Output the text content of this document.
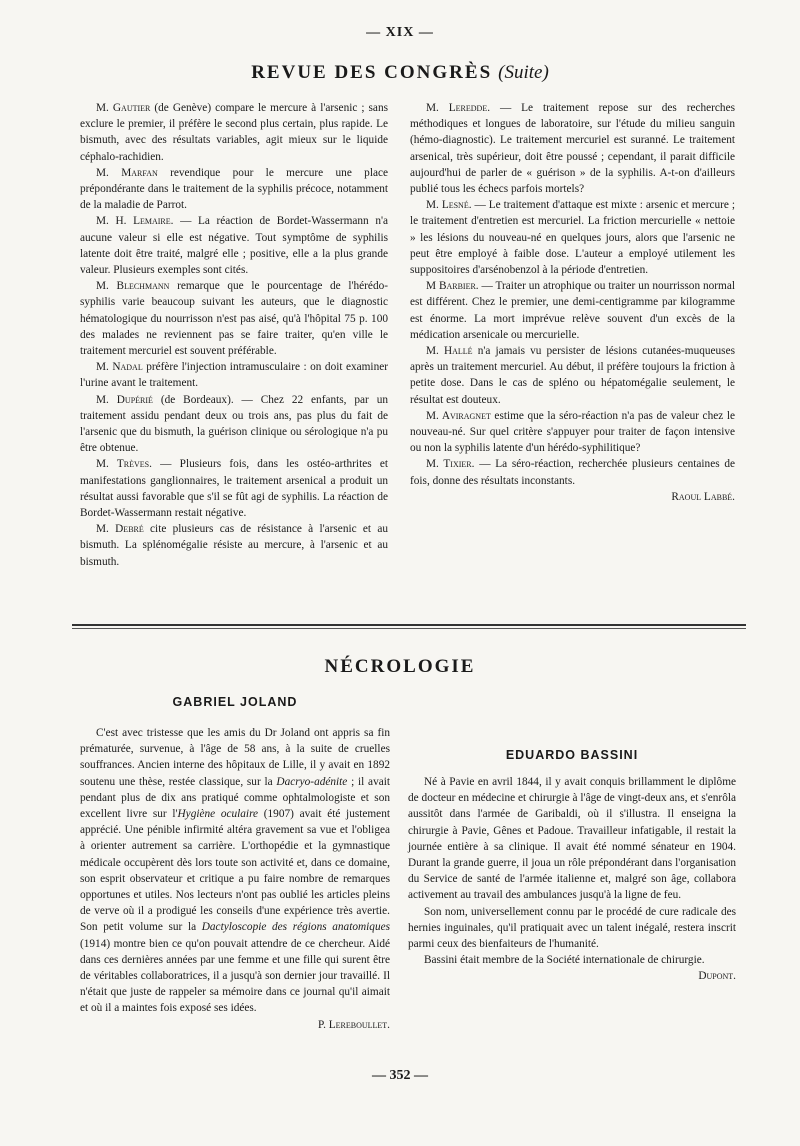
— XIX —
REVUE DES CONGRÈS (Suite)

M. Gautier (de Genève) compare le mercure à l'arsenic ; sans exclure le premier, il préfère le second plus certain, plus rapide. Le bismuth, avec des résultats variables, agit mieux sur le liquide céphalo-rachidien.

M. Marfan revendique pour le mercure une place prépondérante dans le traitement de la syphilis précoce, notamment de la maladie de Parrot.

M. H. Lemaire. — La réaction de Bordet-Wassermann n'a aucune valeur si elle est négative. Tout symptôme de syphilis latente doit être traité, malgré elle ; positive, elle a la plus grande valeur. Plusieurs exemples sont cités.

M. Blechmann remarque que le pourcentage de l'hérédo-syphilis varie beaucoup suivant les auteurs, que le diagnostic hématologique du nourrisson n'est pas aisé, qu'à l'hôpital 75 p. 100 des malades ne reviennent pas se faire traiter, qu'en ville le traitement mercuriel est souvent préférable.

M. Nadal préfère l'injection intramusculaire : on doit examiner l'urine avant le traitement.

M. Dupérié (de Bordeaux). — Chez 22 enfants, par un traitement assidu pendant deux ou trois ans, pas plus du fait de l'arsenic que du bismuth, la guérison clinique ou sérologique n'a pu être obtenue.

M. Trèves. — Plusieurs fois, dans les ostéo-arthrites et manifestations ganglionnaires, le traitement arsenical a produit un résultat aussi favorable que s'il se fût agi de syphilis. La réaction de Bordet-Wassermann restait négative.

M. Debré cite plusieurs cas de résistance à l'arsenic et au bismuth. La splénomégalie résiste au mercure, à l'arsenic et au bismuth.

M. Leredde. — Le traitement repose sur des recherches méthodiques et longues de laboratoire, sur l'étude du milieu sanguin (hémo-diagnostic). Le traitement mercuriel est suranné. Le traitement arsenical, très supérieur, doit être poussé ; cependant, il parait difficile aujourd'hui de parler de « guérison » de la syphilis. A-t-on d'ailleurs publié tous les échecs parfois mortels?

M. Lesné. — Le traitement d'attaque est mixte : arsenic et mercure ; le traitement d'entretien est mercuriel. La friction mercurielle « nettoie » les lésions du nouveau-né en quelques jours, alors que l'arsenic ne peut être employé à faible dose. L'auteur a employé utilement les suppositoires d'arsénobenzol à la période d'entretien.

M Barbier. — Traiter un atrophique ou traiter un nourrisson normal est différent. Chez le premier, une demi-centigramme par kilogramme est énorme. La mort imprévue relève souvent d'un excès de la médication arsenicale ou mercurielle.

M. Hallé n'a jamais vu persister de lésions cutanées-muqueuses après un traitement mercuriel. Au début, il préfère toujours la friction à petite dose. Dans le cas de spléno ou hépatomégalie seulement, le résultat est douteux.

M. Aviragnet estime que la séro-réaction n'a pas de valeur chez le nouveau-né. Sur quel critère s'appuyer pour traiter de façon intensive ou non la syphilis latente d'un hérédo-syphilitique?

M. Tixier. — La séro-réaction, recherchée plusieurs centaines de fois, donne des résultats inconstants.

Raoul Labbé.

NÉCROLOGIE
GABRIEL JOLAND

C'est avec tristesse que les amis du Dr Joland ont appris sa fin prématurée, survenue, à l'âge de 58 ans, à la suite de cruelles souffrances. Ancien interne des hôpitaux de Lille, il y avait en 1892 soutenu une thèse, restée classique, sur la Dacryo-adénite ; il avait pendant plus de dix ans pratiqué comme ophtalmologiste et son excellent livre sur l'Hygiène oculaire (1907) avait été justement apprécié. Une pénible infirmité altéra gravement sa vue et l'obligea à orienter autrement sa carrière. L'orthopédie et la gymnastique médicale occupèrent dès lors toute son activité et, dans ce domaine, son esprit observateur et critique a pu faire nombre de remarques opportunes et utiles. Nos lecteurs n'ont pas oublié les articles pleins de verve où il a prodigué les conseils d'une expérience très avertie. Son petit volume sur la Dactyloscopie des régions anatomiques (1914) montre bien ce qu'on pouvait attendre de ce chercheur. Aidé dans ces dernières années par une femme et une fille qui surent être de véritables collaboratrices, il a jusqu'à son dernier jour travaillé. Il n'était que juste de rappeler sa mémoire dans ce journal qu'il aimait et où il a maintes fois exposé ses idées.

P. Lereboullet.

EDUARDO BASSINI

Né à Pavie en avril 1844, il y avait conquis brillamment le diplôme de docteur en médecine et chirurgie à l'âge de vingt-deux ans, et s'enrôla aussitôt dans l'armée de Garibaldi, où il s'illustra. Il enseigna la chirurgie à Pavie, Gênes et Padoue. Travailleur infatigable, il restait la journée entière à sa clinique. Il avait été nommé sénateur en 1904. Durant la grande guerre, il joua un rôle prépondérant dans l'organisation du Service de santé de l'armée italienne et, malgré son âge, collabora activement au travail des ambulances jusqu'à la ligne de feu.

Son nom, universellement connu par le procédé de cure radicale des hernies inguinales, qu'il pratiquait avec un talent inégalé, restera inscrit parmi ceux des bienfaiteurs de l'humanité.

Bassini était membre de la Société internationale de chirurgie.

Dupont.

— 352 —
